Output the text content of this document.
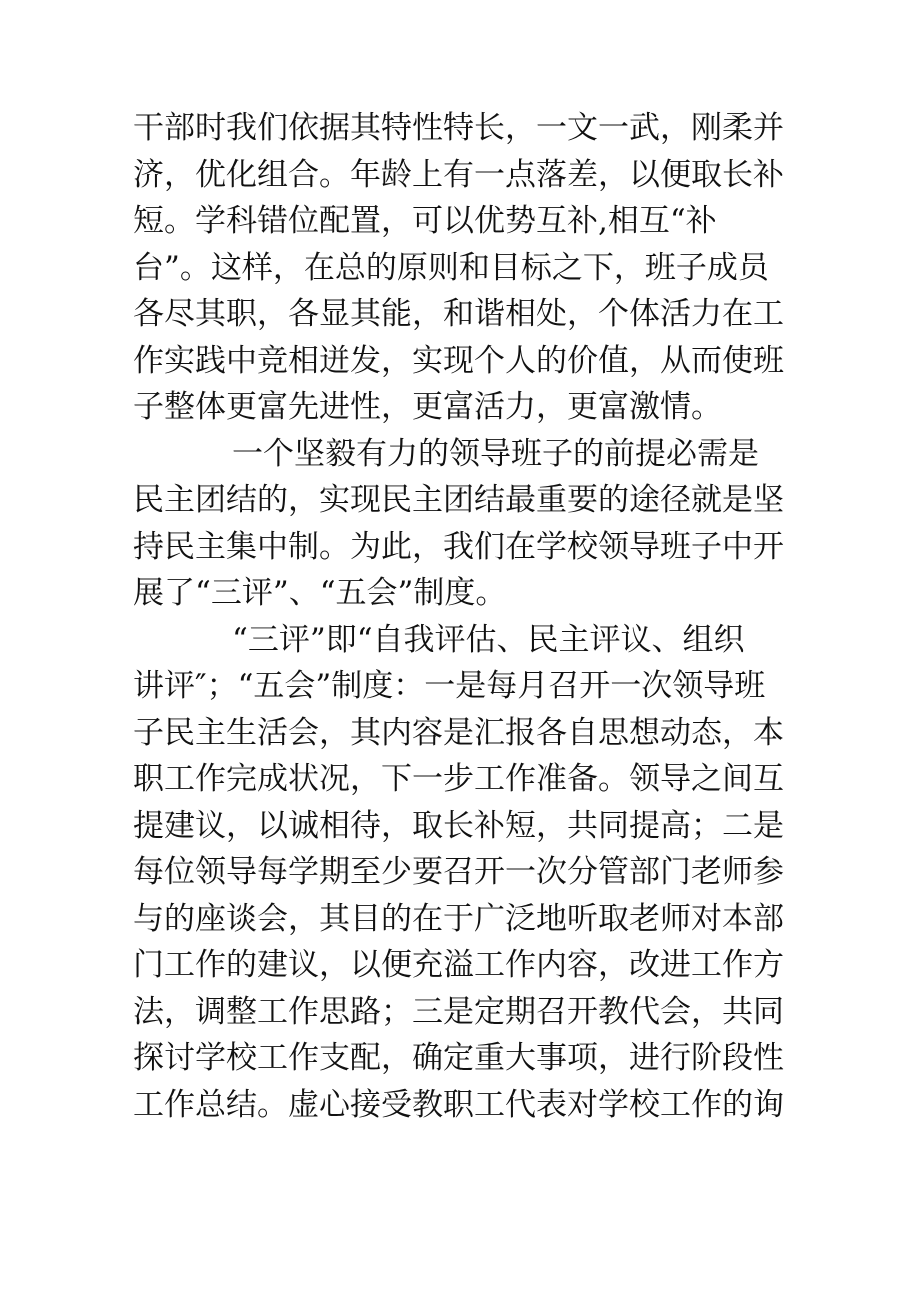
干部时我们依据其特性特长，一文一武，刚柔并
济，优化组合。年龄上有一点落差，以便取长补
短。学科错位配置，可以优势互补,相互“补
台”。这样，在总的原则和目标之下，班子成员
各尽其职，各显其能，和谐相处，个体活力在工
作实践中竞相迸发，实现个人的价值，从而使班
子整体更富先进性，更富活力，更富激情。
一个坚毅有力的领导班子的前提必需是
民主团结的，实现民主团结最重要的途径就是坚
持民主集中制。为此，我们在学校领导班子中开
展了“三评”、“五会”制度。
“三评”即“自我评估、民主评议、组织
讲评″；“五会”制度：一是每月召开一次领导班
子民主生活会，其内容是汇报各自思想动态，本
职工作完成状况，下一步工作准备。领导之间互
提建议，以诚相待，取长补短，共同提高；二是
每位领导每学期至少要召开一次分管部门老师参
与的座谈会，其目的在于广泛地听取老师对本部
门工作的建议，以便充溢工作内容，改进工作方
法，调整工作思路；三是定期召开教代会，共同
探讨学校工作支配，确定重大事项，进行阶段性
工作总结。虚心接受教职工代表对学校工作的询
